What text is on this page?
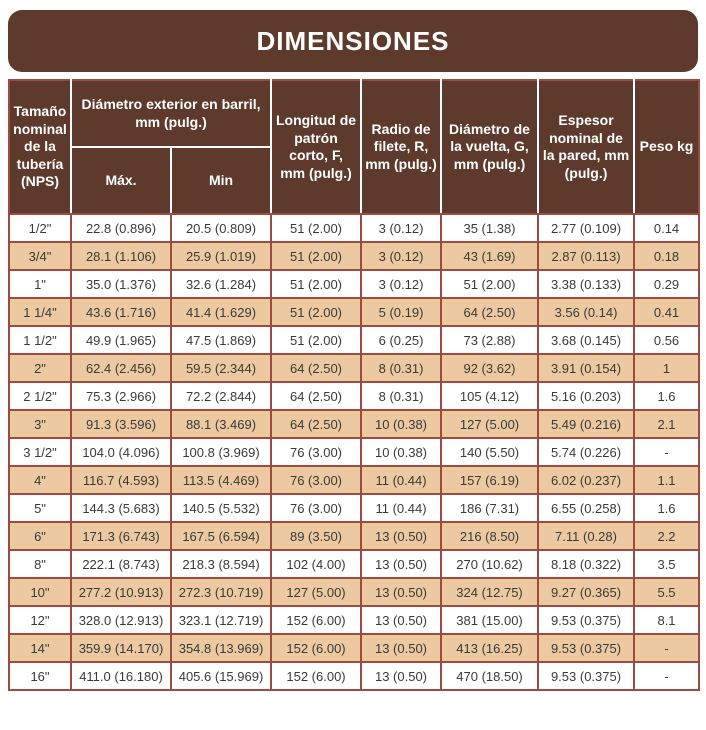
DIMENSIONES
Tamaño nominal de la tubería (NPS)	Diámetro exterior en barril, mm (pulg.)		Longitud de patrón corto, F, mm (pulg.)	Radio de filete, R, mm (pulg.)	Diámetro de la vuelta, G, mm (pulg.)	Espesor nominal de la pared, mm (pulg.)	Peso kg
	Máx.	Min					
1/2"	22.8 (0.896)	20.5 (0.809)	51 (2.00)	3 (0.12)	35 (1.38)	2.77 (0.109)	0.14
3/4"	28.1 (1.106)	25.9 (1.019)	51 (2.00)	3 (0.12)	43 (1.69)	2.87 (0.113)	0.18
1"	35.0 (1.376)	32.6 (1.284)	51 (2.00)	3 (0.12)	51 (2.00)	3.38 (0.133)	0.29
1 1/4"	43.6 (1.716)	41.4 (1.629)	51 (2.00)	5 (0.19)	64 (2.50)	3.56 (0.14)	0.41
1 1/2"	49.9 (1.965)	47.5 (1.869)	51 (2.00)	6 (0.25)	73 (2.88)	3.68 (0.145)	0.56
2"	62.4 (2.456)	59.5 (2.344)	64 (2.50)	8 (0.31)	92 (3.62)	3.91 (0.154)	1
2 1/2"	75.3 (2.966)	72.2 (2.844)	64 (2.50)	8 (0.31)	105 (4.12)	5.16 (0.203)	1.6
3"	91.3 (3.596)	88.1 (3.469)	64 (2.50)	10 (0.38)	127 (5.00)	5.49 (0.216)	2.1
3 1/2"	104.0 (4.096)	100.8 (3.969)	76 (3.00)	10 (0.38)	140 (5.50)	5.74 (0.226)	-
4"	116.7 (4.593)	113.5 (4.469)	76 (3.00)	11 (0.44)	157 (6.19)	6.02 (0.237)	1.1
5"	144.3 (5.683)	140.5 (5.532)	76 (3.00)	11 (0.44)	186 (7.31)	6.55 (0.258)	1.6
6"	171.3 (6.743)	167.5 (6.594)	89 (3.50)	13 (0.50)	216 (8.50)	7.11 (0.28)	2.2
8"	222.1 (8.743)	218.3 (8.594)	102 (4.00)	13 (0.50)	270 (10.62)	8.18 (0.322)	3.5
10"	277.2 (10.913)	272.3 (10.719)	127 (5.00)	13 (0.50)	324 (12.75)	9.27 (0.365)	5.5
12"	328.0 (12.913)	323.1 (12.719)	152 (6.00)	13 (0.50)	381 (15.00)	9.53 (0.375)	8.1
14"	359.9 (14.170)	354.8 (13.969)	152 (6.00)	13 (0.50)	413 (16.25)	9.53 (0.375)	-
16"	411.0 (16.180)	405.6 (15.969)	152 (6.00)	13 (0.50)	470 (18.50)	9.53 (0.375)	-
